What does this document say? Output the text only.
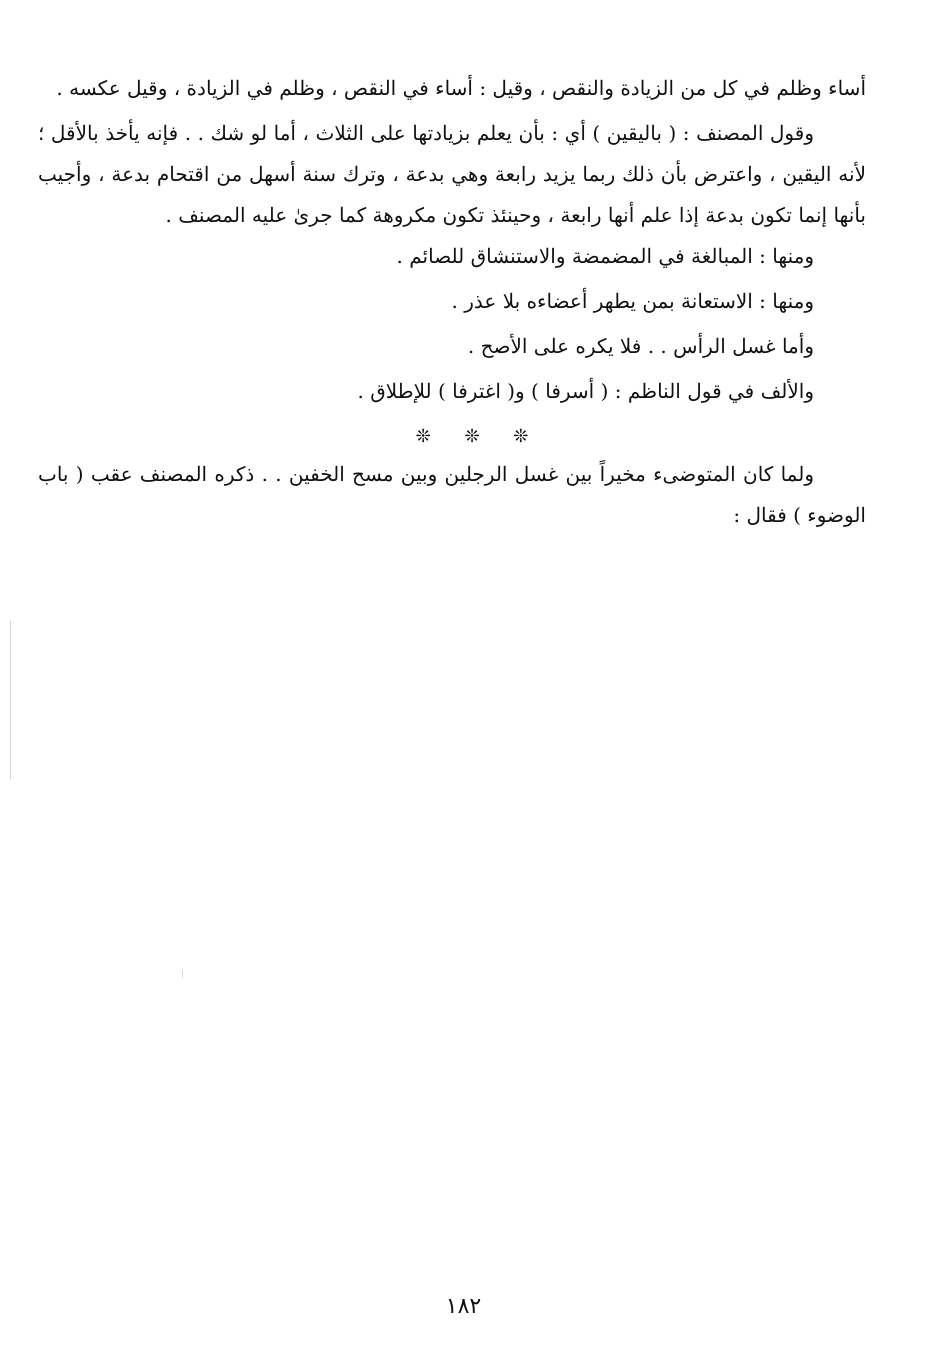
أساء وظلم في كل من الزيادة والنقص ، وقيل : أساء في النقص ، وظلم في الزيادة ، وقيل عكسه .

وقول المصنف : ( باليقين ) أي : بأن يعلم بزيادتها على الثلاث ، أما لو شك . . فإنه يأخذ بالأقل ؛ لأنه اليقين ، واعترض بأن ذلك ربما يزيد رابعة وهي بدعة ، وترك سنة أسهل من اقتحام بدعة ، وأجيب بأنها إنما تكون بدعة إذا علم أنها رابعة ، وحينئذ تكون مكروهة كما جرىٰ عليه المصنف .

ومنها : المبالغة في المضمضة والاستنشاق للصائم .

ومنها : الاستعانة بمن يطهر أعضاءه بلا عذر .

وأما غسل الرأس . . فلا يكره على الأصح .

والألف في قول الناظم : ( أسرفا ) و( اغترفا ) للإطلاق .

❊ ❊ ❊

ولما كان المتوضىء مخيراً بين غسل الرجلين وبين مسح الخفين . . ذكره المصنف عقب ( باب الوضوء ) فقال :

١٨٢
